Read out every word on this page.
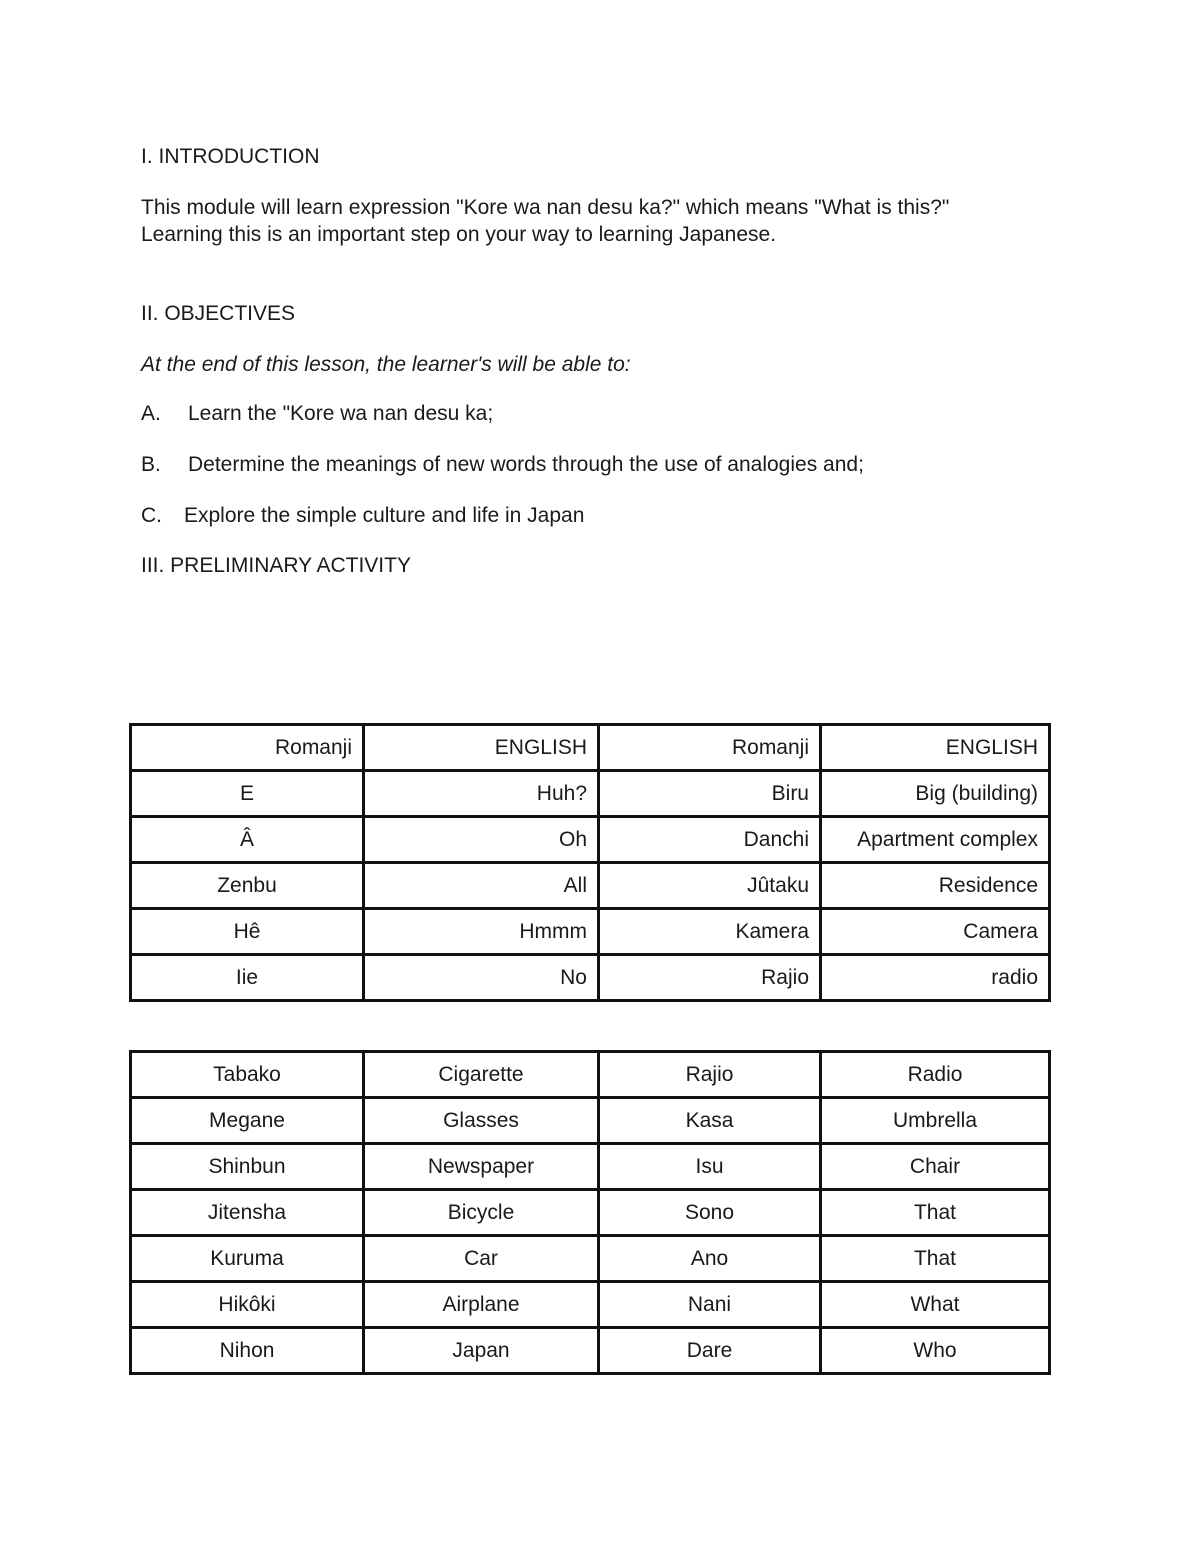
I. INTRODUCTION
This module will learn expression "Kore wa nan desu ka?" which means "What is this?"
Learning this is an important step on your way to learning Japanese.
II. OBJECTIVES
At the end of this lesson, the learner's will be able to:
A. Learn the "Kore wa nan desu ka;
B. Determine the meanings of new words through the use of analogies and;
C. Explore the simple culture and life in Japan
III. PRELIMINARY ACTIVITY
Romanji	ENGLISH	Romanji	ENGLISH
E	Huh?	Biru	Big (building)
Â	Oh	Danchi	Apartment complex
Zenbu	All	Jûtaku	Residence
Hê	Hmmm	Kamera	Camera
Iie	No	Rajio	radio
Tabako	Cigarette	Rajio	Radio
Megane	Glasses	Kasa	Umbrella
Shinbun	Newspaper	Isu	Chair
Jitensha	Bicycle	Sono	That
Kuruma	Car	Ano	That
Hikôki	Airplane	Nani	What
Nihon	Japan	Dare	Who
